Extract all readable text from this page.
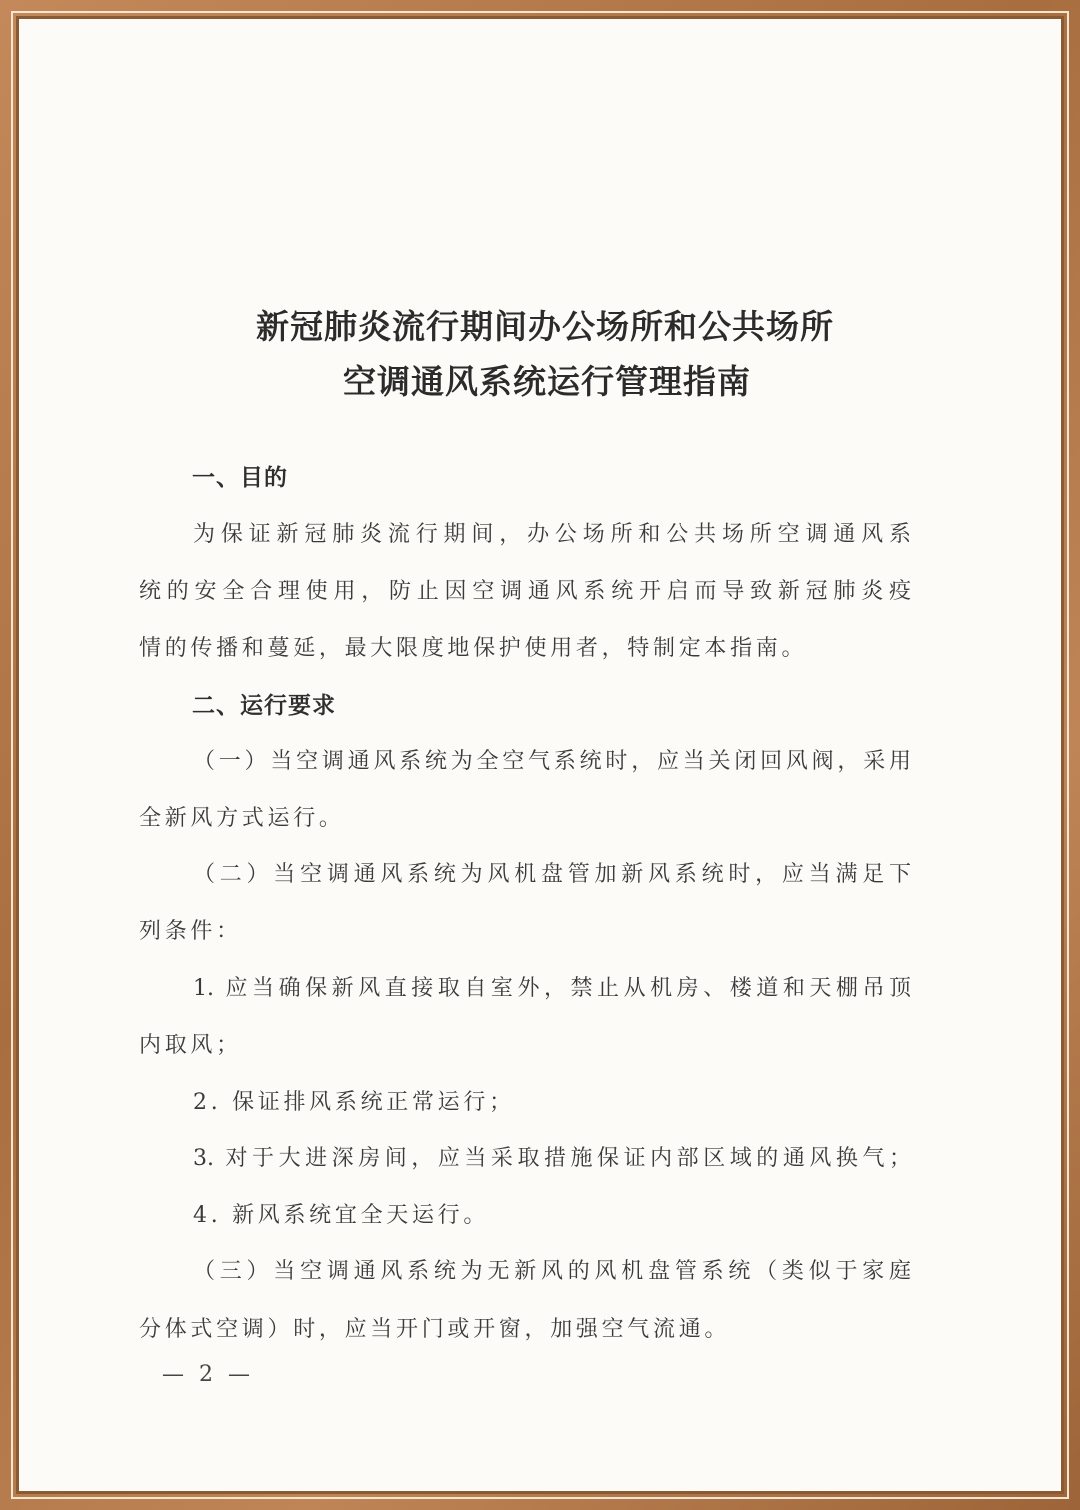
新冠肺炎流行期间办公场所和公共场所
空调通风系统运行管理指南
一、目的
为保证新冠肺炎流行期间，办公场所和公共场所空调通风系
统的安全合理使用，防止因空调通风系统开启而导致新冠肺炎疫
情的传播和蔓延，最大限度地保护使用者，特制定本指南。
二、运行要求
（一）当空调通风系统为全空气系统时，应当关闭回风阀，采用
全新风方式运行。
（二）当空调通风系统为风机盘管加新风系统时，应当满足下
列条件：
1. 应当确保新风直接取自室外，禁止从机房、楼道和天棚吊顶
内取风；
2. 保证排风系统正常运行；
3. 对于大进深房间，应当采取措施保证内部区域的通风换气；
4. 新风系统宜全天运行。
（三）当空调通风系统为无新风的风机盘管系统（类似于家庭
分体式空调）时，应当开门或开窗，加强空气流通。
— 2 —
